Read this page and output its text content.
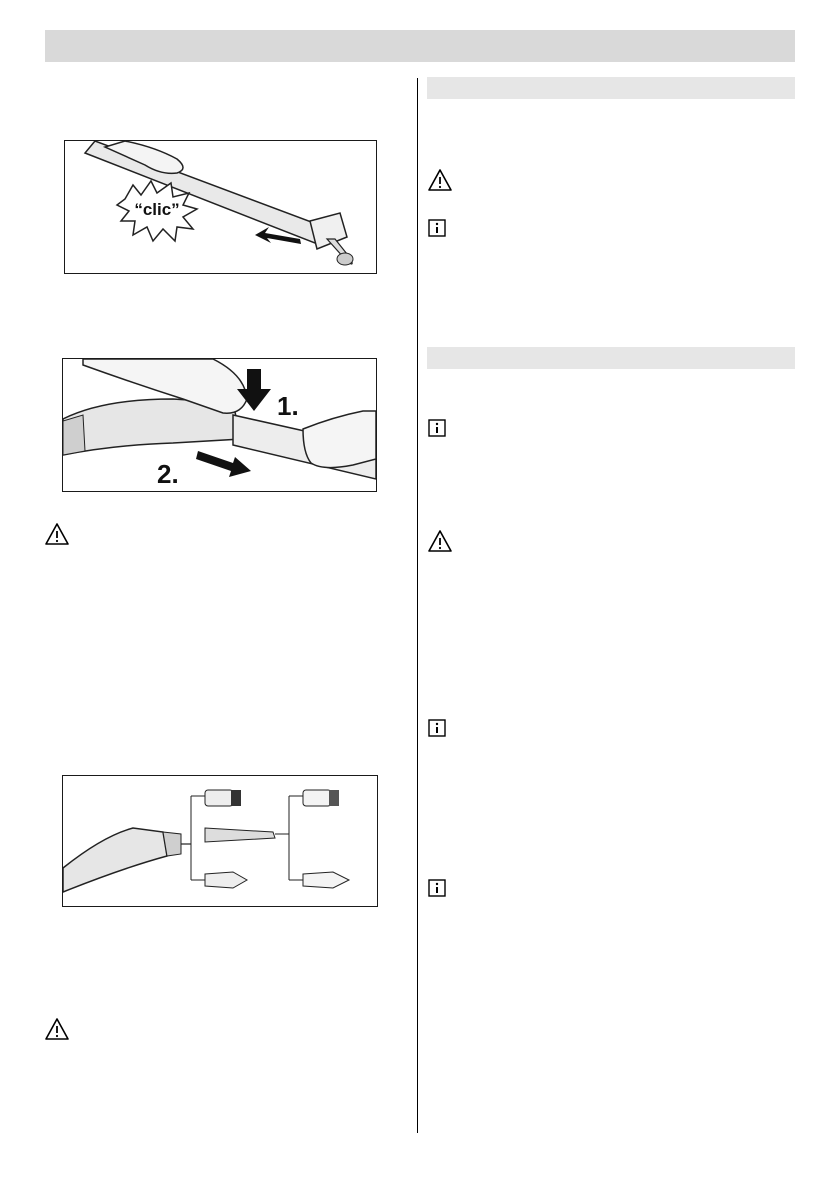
“clic”
1.
2.
